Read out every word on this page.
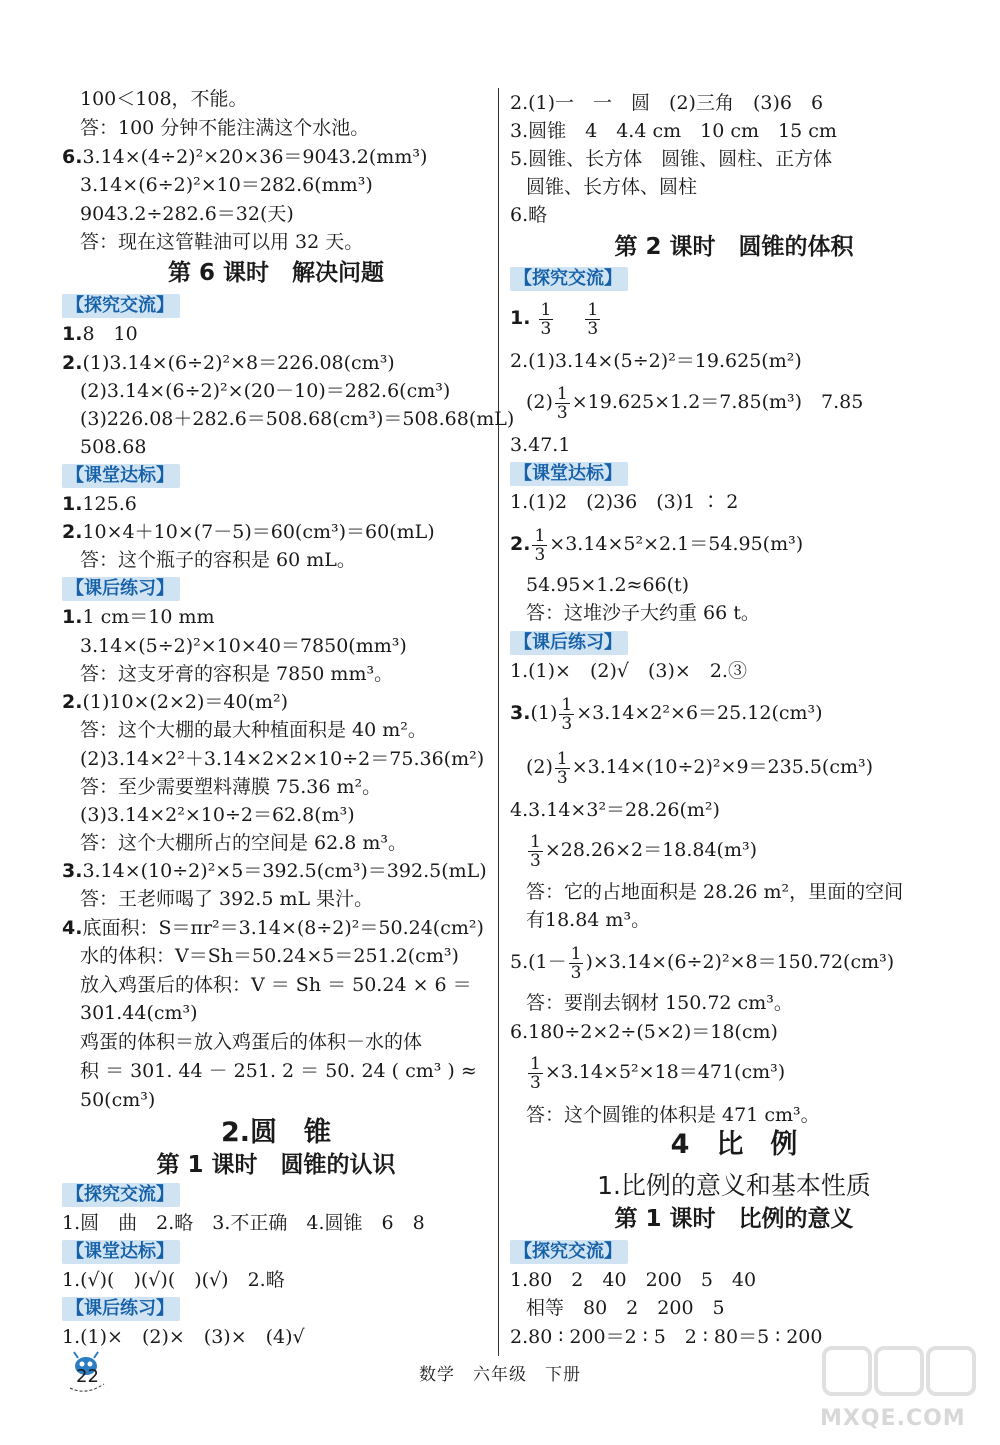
100＜108，不能。
答：100 分钟不能注满这个水池。
6.3.14×(4÷2)²×20×36＝9043.2(mm³)
3.14×(6÷2)²×10＝282.6(mm³)
9043.2÷282.6＝32(天)
答：现在这管鞋油可以用 32 天。
第 6 课时　解决问题
【探究交流】
1.8　10
2.(1)3.14×(6÷2)²×8＝226.08(cm³)
(2)3.14×(6÷2)²×(20－10)＝282.6(cm³)
(3)226.08＋282.6＝508.68(cm³)＝508.68(mL)
508.68
【课堂达标】
1.125.6
2.10×4＋10×(7－5)＝60(cm³)＝60(mL)
答：这个瓶子的容积是 60 mL。
【课后练习】
1.1 cm＝10 mm
3.14×(5÷2)²×10×40＝7850(mm³)
答：这支牙膏的容积是 7850 mm³。
2.(1)10×(2×2)＝40(m²)
答：这个大棚的最大种植面积是 40 m²。
(2)3.14×2²＋3.14×2×2×10÷2＝75.36(m²)
答：至少需要塑料薄膜 75.36 m²。
(3)3.14×2²×10÷2＝62.8(m³)
答：这个大棚所占的空间是 62.8 m³。
3.3.14×(10÷2)²×5＝392.5(cm³)＝392.5(mL)
答：王老师喝了 392.5 mL 果汁。
4.底面积：S＝πr²＝3.14×(8÷2)²＝50.24(cm²)
水的体积：V＝Sh＝50.24×5＝251.2(cm³)
放入鸡蛋后的体积：V ＝ Sh ＝ 50.24 × 6 ＝
301.44(cm³)
鸡蛋的体积＝放入鸡蛋后的体积－水的体
积 ＝ 301. 44 － 251. 2 ＝ 50. 24 ( cm³ ) ≈
50(cm³)
2.圆　锥
第 1 课时　圆锥的认识
【探究交流】
1.圆　曲　2.略　3.不正确　4.圆锥　6　8
【课堂达标】
1.(√)(　)(√)(　)(√)　2.略
【课后练习】
1.(1)×　(2)×　(3)×　(4)√
2.(1)一　一　圆　(2)三角　(3)6　6
3.圆锥　4　4.4 cm　10 cm　15 cm
5.圆锥、长方体　圆锥、圆柱、正方体
圆锥、长方体、圆柱
6.略
第 2 课时　圆锥的体积
【探究交流】
1. $\frac{1}{3}$
$\frac{1}{3}$
2.(1)3.14×(5÷2)²＝19.625(m²)
$(2) \frac{1}{3} \times 19.625\times 1.2=7.85(m^3)$　7.85
3.47.1
【课堂达标】
1.(1)2　(2)36　(3)1 ∶ 2
2. $\frac{1}{3} \times 3.14\times 5^2\times 2.1=54.95(m^3)$
54.95×1.2≈66(t)
答：这堆沙子大约重 66 t。
【课后练习】
1.(1)×　(2)√　(3)×　2.③
$3.(1) \frac{1}{3} \times 3.14\times 2^2\times 6=25.12(cm^3)$
$(2) \frac{1}{3} \times 3.14\times(10\div 2)^2\times 9=235.5(cm^3)$
4.3.14×3²＝28.26(m²)
$\frac{1}{3} \times 28.26\times 2=18.84(m^3)$
答：它的占地面积是 28.26 m²，里面的空间
有18.84 m³。
$5.(1- \frac{1}{3} )\times 3.14\times(6\div 2)^2\times 8=150.72(cm^3)$
答：要削去钢材 150.72 cm³。
6.180÷2×2÷(5×2)＝18(cm)
$\frac{1}{3} \times 3.14\times 5^2\times 18=471(cm^3)$
答：这个圆锥的体积是 471 cm³。
4　比　例
1.比例的意义和基本性质
第 1 课时　比例的意义
【探究交流】
1.80　2　40　200　5　40
相等　80　2　200　5
2.80 ∶ 200＝2 ∶ 5　2 ∶ 80＝5 ∶ 200
22	数学　六年级　下册
MXQE.COM
